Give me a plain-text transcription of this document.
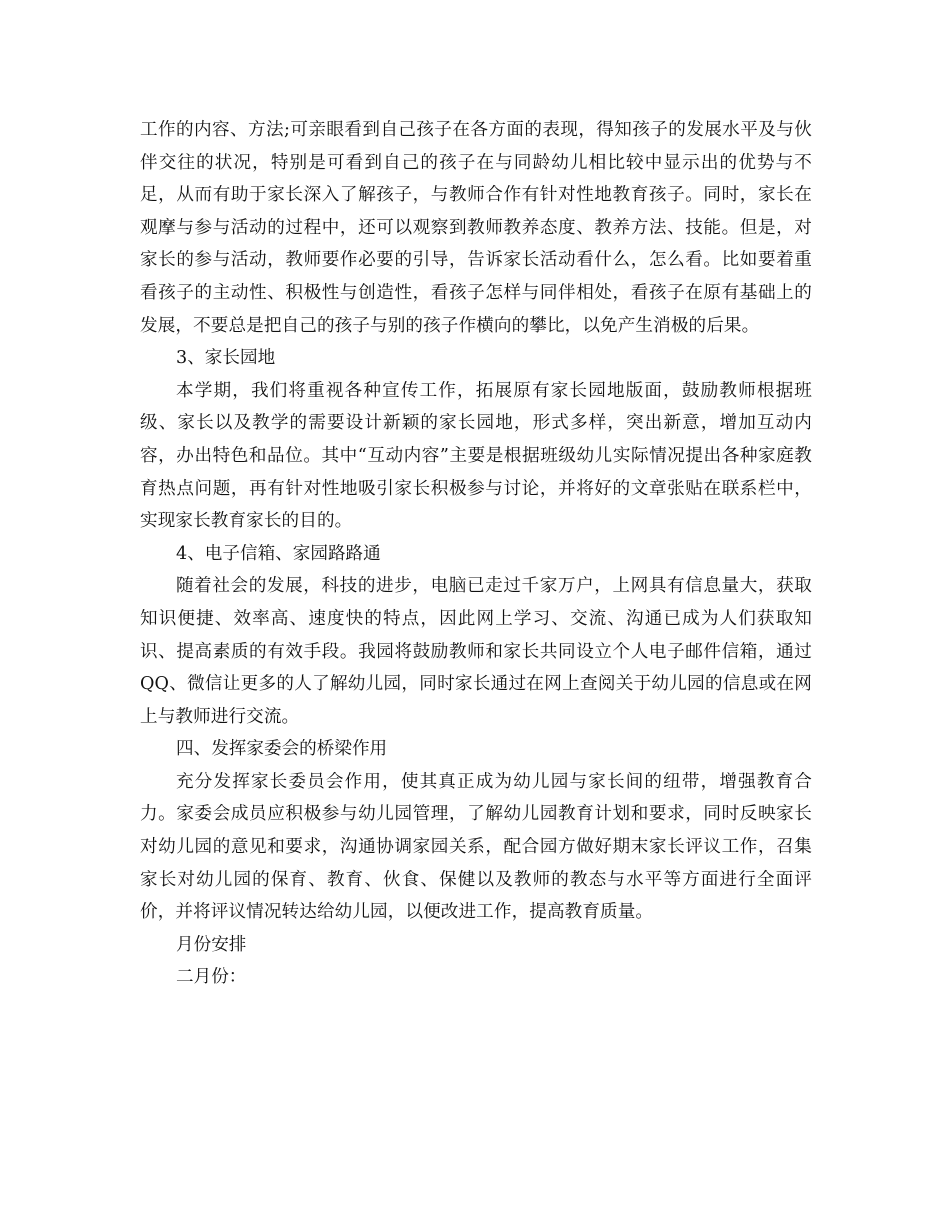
工作的内容、方法;可亲眼看到自己孩子在各方面的表现，得知孩子的发展水平及与伙伴交往的状况，特别是可看到自己的孩子在与同龄幼儿相比较中显示出的优势与不足，从而有助于家长深入了解孩子，与教师合作有针对性地教育孩子。同时，家长在观摩与参与活动的过程中，还可以观察到教师教养态度、教养方法、技能。但是，对家长的参与活动，教师要作必要的引导，告诉家长活动看什么，怎么看。比如要着重看孩子的主动性、积极性与创造性，看孩子怎样与同伴相处，看孩子在原有基础上的发展，不要总是把自己的孩子与别的孩子作横向的攀比，以免产生消极的后果。

3、家长园地

本学期，我们将重视各种宣传工作，拓展原有家长园地版面，鼓励教师根据班级、家长以及教学的需要设计新颖的家长园地，形式多样，突出新意，增加互动内容，办出特色和品位。其中“互动内容”主要是根据班级幼儿实际情况提出各种家庭教育热点问题，再有针对性地吸引家长积极参与讨论，并将好的文章张贴在联系栏中，实现家长教育家长的目的。

4、电子信箱、家园路路通

随着社会的发展，科技的进步，电脑已走过千家万户，上网具有信息量大，获取知识便捷、效率高、速度快的特点，因此网上学习、交流、沟通已成为人们获取知识、提高素质的有效手段。我园将鼓励教师和家长共同设立个人电子邮件信箱，通过QQ、微信让更多的人了解幼儿园，同时家长通过在网上查阅关于幼儿园的信息或在网上与教师进行交流。

四、发挥家委会的桥梁作用

充分发挥家长委员会作用，使其真正成为幼儿园与家长间的纽带，增强教育合力。家委会成员应积极参与幼儿园管理，了解幼儿园教育计划和要求，同时反映家长对幼儿园的意见和要求，沟通协调家园关系，配合园方做好期末家长评议工作，召集家长对幼儿园的保育、教育、伙食、保健以及教师的教态与水平等方面进行全面评价，并将评议情况转达给幼儿园，以便改进工作，提高教育质量。

月份安排

二月份：
